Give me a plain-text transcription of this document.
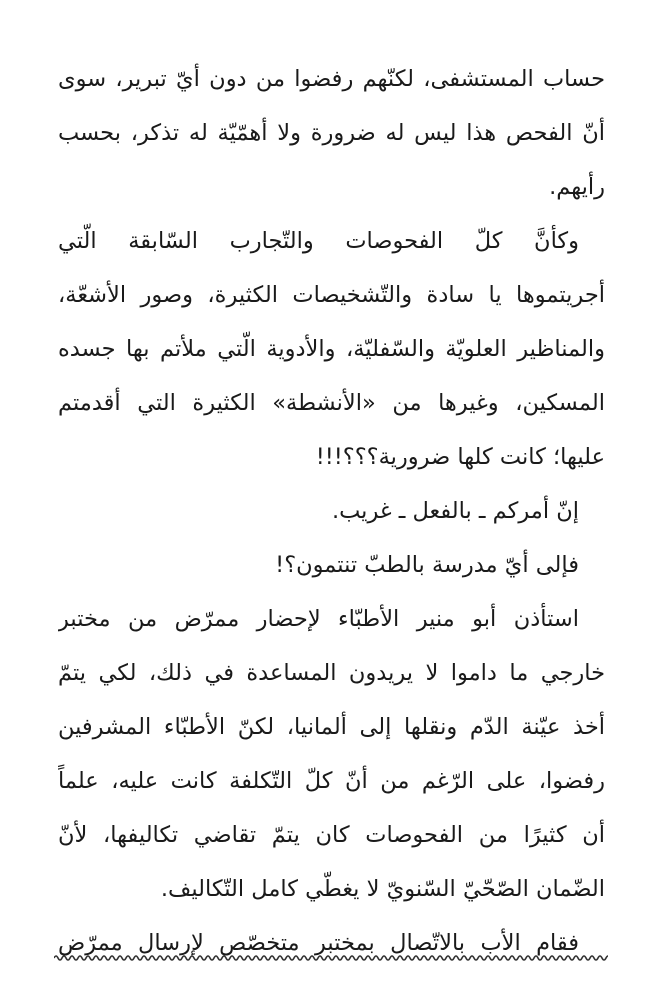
حساب المستشفى، لكنّهم رفضوا من دون أيّ تبرير، سوى
أنّ الفحص هذا ليس له ضرورة ولا أهمّيّة له تذكر، بحسب
رأيهم.
وكأنَّ كلّ الفحوصات والتّجارب السّابقة الّتي
أجريتموها يا سادة والتّشخيصات الكثيرة، وصور الأشعّة،
والمناظير العلويّة والسّفليّة، والأدوية الّتي ملأتم بها جسده
المسكين، وغيرها من «الأنشطة» الكثيرة التي أقدمتم
عليها؛ كانت كلها ضرورية؟؟؟!!!
إنّ أمركم ـ بالفعل ـ غريب.
فإلى أيّ مدرسة بالطبّ تنتمون؟!
استأذن أبو منير الأطبّاء لإحضار ممرّض من مختبر
خارجي ما داموا لا يريدون المساعدة في ذلك، لكي يتمّ
أخذ عيّنة الدّم ونقلها إلى ألمانيا، لكنّ الأطبّاء المشرفين
رفضوا، على الرّغم من أنّ كلّ التّكلفة كانت عليه، علماً
أن كثيرًا من الفحوصات كان يتمّ تقاضي تكاليفها، لأنّ
الضّمان الصّحّيّ السّنويّ لا يغطّي كامل التّكاليف.
فقام الأب بالاتّصال بمختبر متخصّص لإرسال ممرّض
